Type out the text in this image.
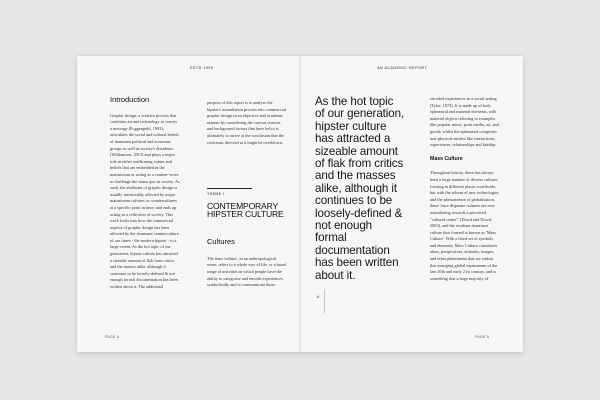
ESTD 1999
Introduction

Graphic design, a creative process that combines art and technology to convey a message (Poggenpohl, 1993), articulates the social and cultural beliefs of dominant political and economic groups as well as society's dissidents (Williamson, 2013) and plays a major role in either reaffirming values and beliefs that are embedded in the mainstream or acting as a counter-voice to challenge the status quo in society. As such, the attributes of graphic design is usually inextricably affected by major mainstream cultures or countercultures at a specific point in time, and ends up acting as a reflection of society. This work looks into how the commercial aspects of graphic design has been affected by the dominant counterculture of our times - the modern hipster - to a large extent. As the hot topic of our generation, hipster culture has attracted a sizeable amount of flak from critics and the masses alike, although it continues to be loosely-defined & not enough formal documentation has been written about it. The additional

purpose of this report is to analyse the hipsters' assimilation process into commercial graphic design in an objective and academic manner by considering the various reasons and background factors that have led to it, ultimately to arrive at the conclusion that the criticisms directed at it might be overblown.

THEME I
CONTEMPORARY HIPSTER CULTURE
Cultures

The term 'culture', in an anthropological sense, refers to a whole way of life, or a broad range of activities in which people have the ability to categorise and encode experiences symbolically and to communicate those

PAGE 4
AN ACADEMIC REPORT
As the hot topic of our generation, hipster culture has attracted a sizeable amount of flak from critics and the masses alike, although it continues to be loosely-defined & not enough formal documentation has been written about it.
A

encoded experiences in a social setting (Tylor, 1874). It is made up of both ephemeral and material elements, with material objects referring to examples like popular music, print media, art, and goods; whilst the ephemeral comprises non-physical entities like interactions, experiences, relationships and kinship.

Mass Culture

Throughout history, there has always been a large number of diverse cultures existing in different places worldwide, but with the advent of new technologies and the phenomenon of globalisation, these 'once disparate cultures are now assimilating towards a perceived "cultural centre"' (Dowd and Dowd, 2003), and the resultant dominant culture thus formed is known as 'Mass Culture'. With a fixed set of symbols and elements, Mass Culture constitutes ideas, perspectives, attitudes, images, and other phenomena that are within this emerging global mainstream of the late 20th and early 21st century, and is something that a large majority of

PAGE 5
